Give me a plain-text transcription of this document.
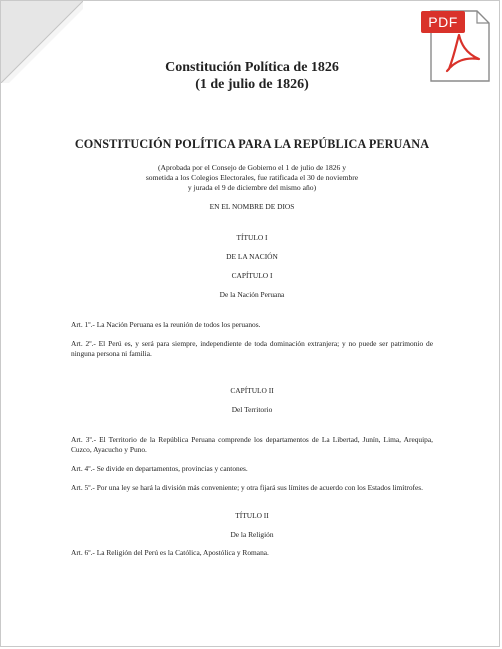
PDF

Constitución Política de 1826

(1 de julio de 1826)

CONSTITUCIÓN POLÍTICA PARA LA REPÚBLICA PERUANA

(Aprobada por el Consejo de Gobierno el 1 de julio de 1826 y
sometida a los Colegios Electorales, fue ratificada el 30 de noviembre
y jurada el 9 de diciembre del mismo año)

EN EL NOMBRE DE DIOS

TÍTULO I

DE LA NACIÓN

CAPÍTULO I

De la Nación Peruana

Art. 1º.- La Nación Peruana es la reunión de todos los peruanos.

Art. 2º.- El Perú es, y será para siempre, independiente de toda dominación extranjera; y no puede ser patrimonio de ninguna persona ni familia.

CAPÍTULO II

Del Territorio

Art. 3º.- El Territorio de la República Peruana comprende los departamentos de La Libertad, Junín, Lima, Arequipa, Cuzco, Ayacucho y Puno.

Art. 4º.- Se divide en departamentos, provincias y cantones.

Art. 5º.- Por una ley se hará la división más conveniente; y otra fijará sus límites de acuerdo con los Estados limítrofes.

TÍTULO II

De la Religión

Art. 6º.- La Religión del Perú es la Católica, Apostólica y Romana.
